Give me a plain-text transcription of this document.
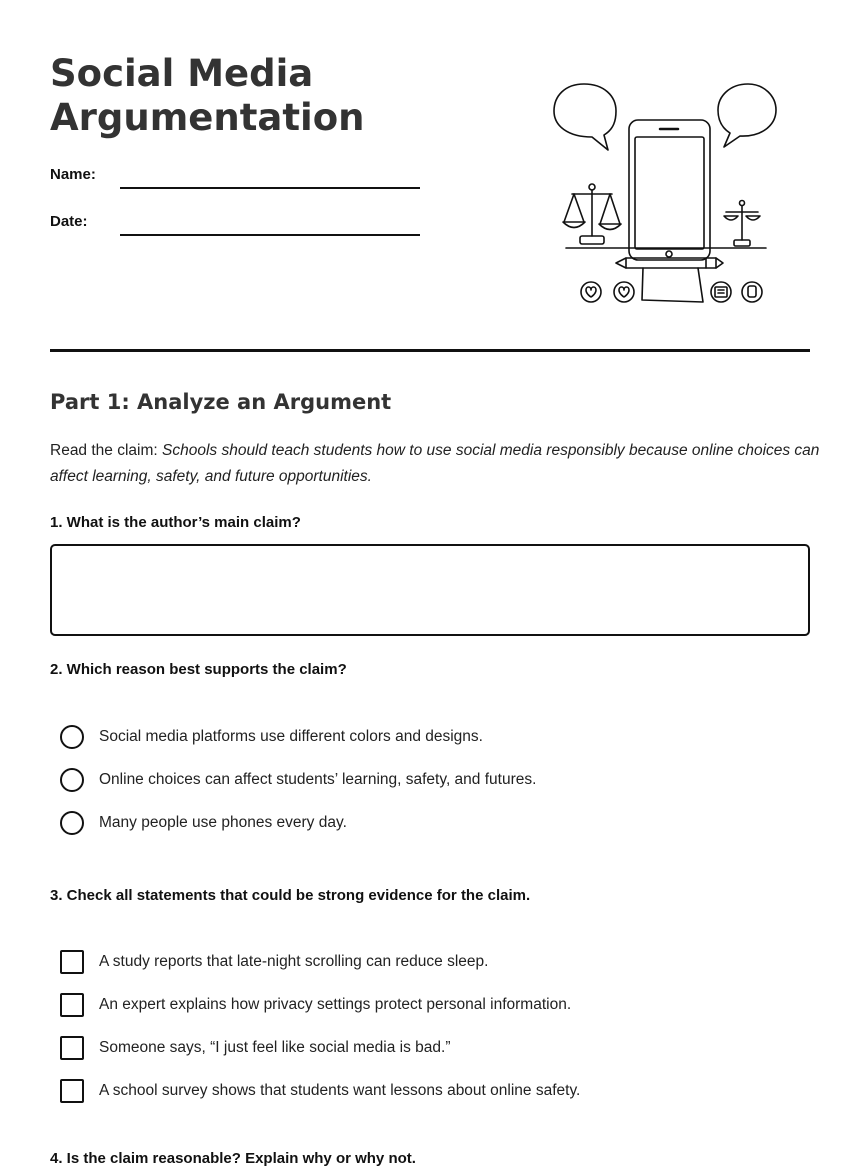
Social Media
Argumentation
Name:
Date:
Part 1: Analyze an Argument
Read the claim: Schools should teach students how to use social media responsibly because online choices can affect learning, safety, and future opportunities.
1. What is the author’s main claim?
2. Which reason best supports the claim?
Social media platforms use different colors and designs.
Online choices can affect students’ learning, safety, and futures.
Many people use phones every day.
3. Check all statements that could be strong evidence for the claim.
A study reports that late-night scrolling can reduce sleep.
An expert explains how privacy settings protect personal information.
Someone says, “I just feel like social media is bad.”
A school survey shows that students want lessons about online safety.
4. Is the claim reasonable? Explain why or why not.
